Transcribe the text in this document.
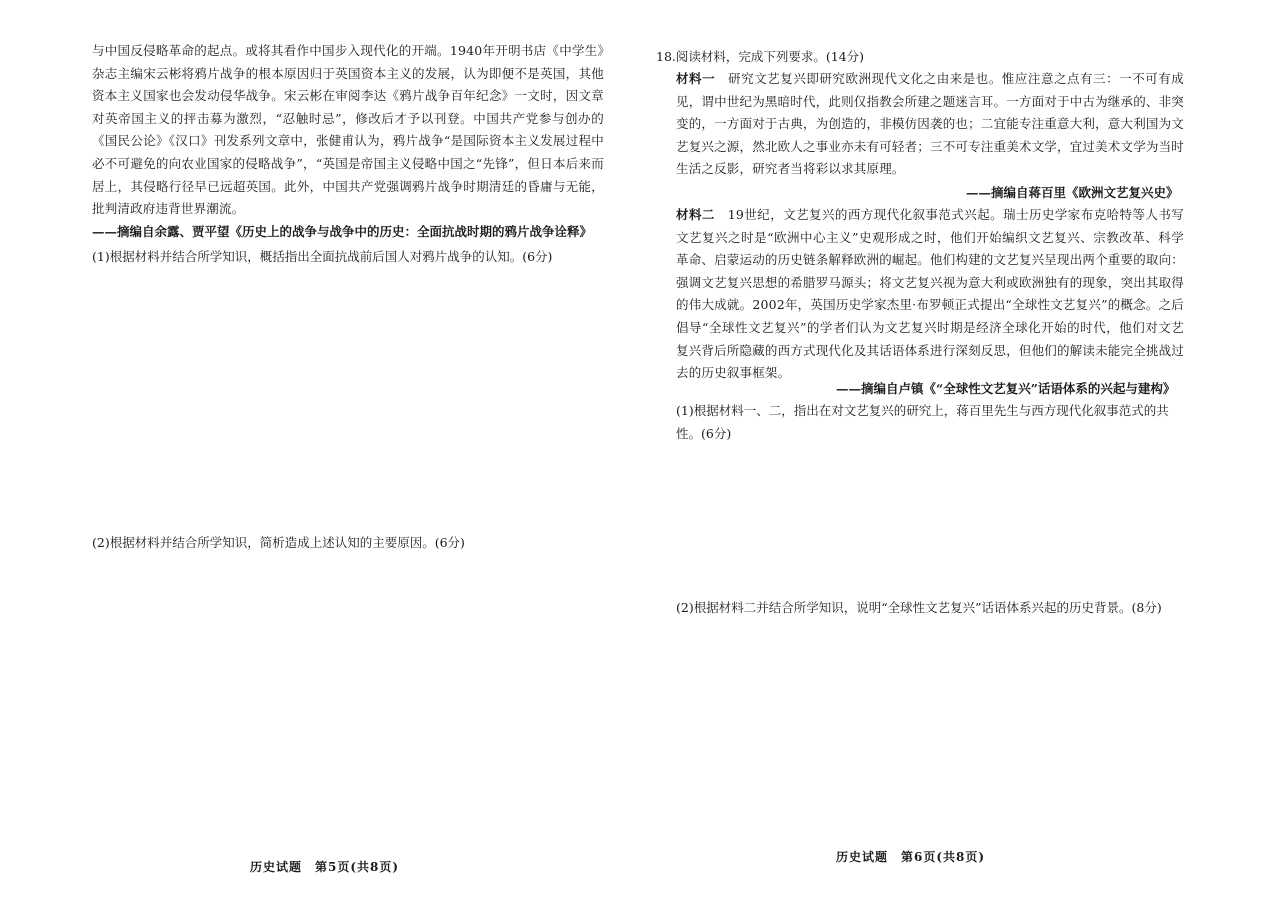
与中国反侵略革命的起点。或将其看作中国步入现代化的开端。1940年开明书店《中学生》杂志主编宋云彬将鸦片战争的根本原因归于英国资本主义的发展，认为即便不是英国，其他资本主义国家也会发动侵华战争。宋云彬在审阅李达《鸦片战争百年纪念》一文时，因文章对英帝国主义的抨击募为激烈，“忍触时忌”，修改后才予以刊登。中国共产党参与创办的《国民公论》《汉口》刊发系列文章中，张健甫认为，鸦片战争“是国际资本主义发展过程中必不可避免的向农业国家的侵略战争”，“英国是帝国主义侵略中国之“先锋”，但日本后来而居上，其侵略行径早已远超英国。此外，中国共产党强调鸦片战争时期清廷的昏庸与无能，批判清政府违背世界潮流。
——摘编自余露、贾平望《历史上的战争与战争中的历史：全面抗战时期的鸦片战争诠释》
(1)根据材料并结合所学知识，概括指出全面抗战前后国人对鸦片战争的认知。(6分)
(2)根据材料并结合所学知识，简析造成上述认知的主要原因。(6分)
历史试题　第5页(共8页)
18.阅读材料，完成下列要求。(14分)
材料一　 研究文艺复兴即研究欧洲现代文化之由来是也。惟应注意之点有三：一不可有成见，谓中世纪为黑暗时代，此则仅指教会所建之题迷言耳。一方面对于中古为继承的、非突变的，一方面对于古典，为创造的，非模仿因袭的也；二宜能专注重意大利，意大利国为文艺复兴之源，然北欧人之事业亦未有可轻者；三不可专注重美术文学，宜过美术文学为当时生活之反影，研究者当将彩以求其原理。
——摘编自蒋百里《欧洲文艺复兴史》
材料二　 19世纪，文艺复兴的西方现代化叙事范式兴起。瑞士历史学家布克哈特等人书写文艺复兴之时是“欧洲中心主义”史观形成之时，他们开始编织文艺复兴、宗教改革、科学革命、启蒙运动的历史链条解释欧洲的崛起。他们构建的文艺复兴呈现出两个重要的取向：强调文艺复兴思想的希腊罗马源头；将文艺复兴视为意大利或欧洲独有的现象，突出其取得的伟大成就。2002年，英国历史学家杰里·布罗顿正式提出“全球性文艺复兴”的概念。之后倡导“全球性文艺复兴”的学者们认为文艺复兴时期是经济全球化开始的时代，他们对文艺复兴背后所隐藏的西方式现代化及其话语体系进行深刻反思，但他们的解读未能完全挑战过去的历史叙事框架。
——摘编自卢镇《“全球性文艺复兴”话语体系的兴起与建构》
(1)根据材料一、二，指出在对文艺复兴的研究上，蒋百里先生与西方现代化叙事范式的共性。(6分)
(2)根据材料二并结合所学知识，说明“全球性文艺复兴”话语体系兴起的历史背景。(8分)
历史试题　第6页(共8页)
